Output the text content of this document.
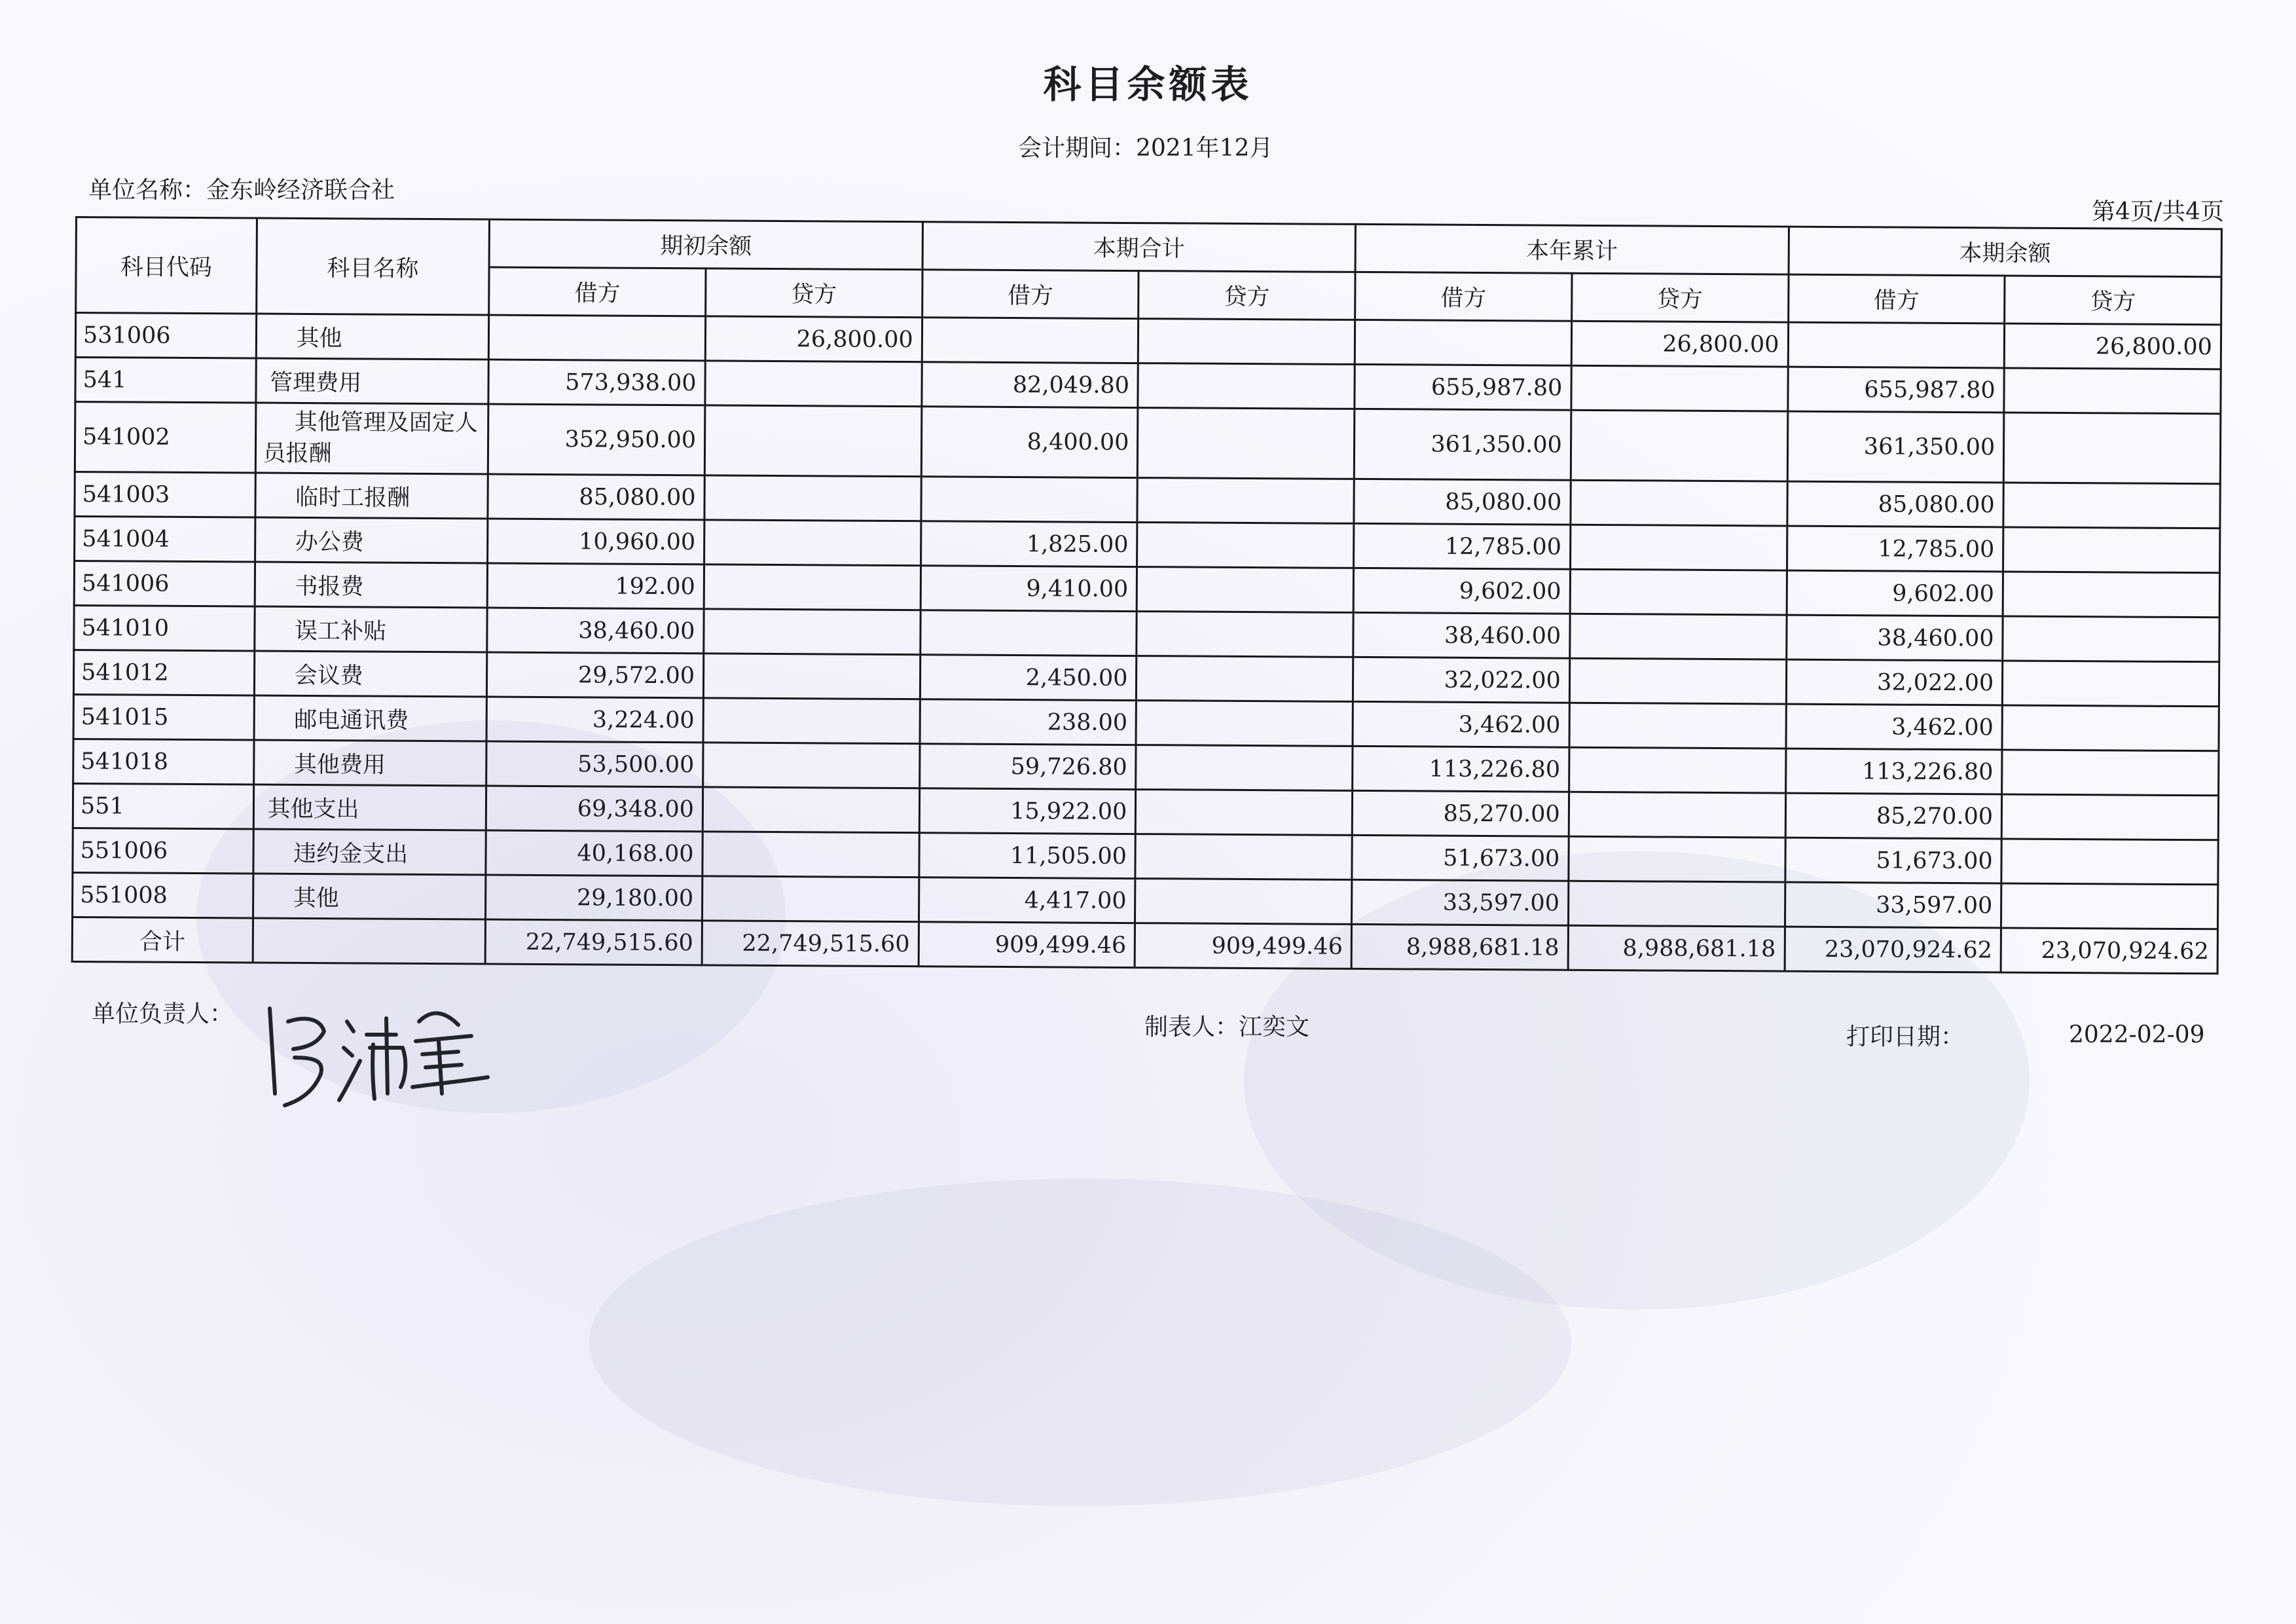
科目余额表
会计期间：2021年12月
单位名称：金东岭经济联合社
第4页/共4页
科目代码	科目名称	期初余额		本期合计		本年累计		本期余额	
		借方	贷方	借方	贷方	借方	贷方	借方	贷方
531006	其他		26,800.00				26,800.00		26,800.00
541	管理费用	573,938.00		82,049.80		655,987.80		655,987.80	
541002	其他管理及固定人员报酬	352,950.00		8,400.00		361,350.00		361,350.00	
541003	临时工报酬	85,080.00				85,080.00		85,080.00	
541004	办公费	10,960.00		1,825.00		12,785.00		12,785.00	
541006	书报费	192.00		9,410.00		9,602.00		9,602.00	
541010	误工补贴	38,460.00				38,460.00		38,460.00	
541012	会议费	29,572.00		2,450.00		32,022.00		32,022.00	
541015	邮电通讯费	3,224.00		238.00		3,462.00		3,462.00	
541018	其他费用	53,500.00		59,726.80		113,226.80		113,226.80	
551	其他支出	69,348.00		15,922.00		85,270.00		85,270.00	
551006	违约金支出	40,168.00		11,505.00		51,673.00		51,673.00	
551008	其他	29,180.00		4,417.00		33,597.00		33,597.00	
合计		22,749,515.60	22,749,515.60	909,499.46	909,499.46	8,988,681.18	8,988,681.18	23,070,924.62	23,070,924.62
单位负责人：	制表人：江奕文	打印日期：	2022-02-09
